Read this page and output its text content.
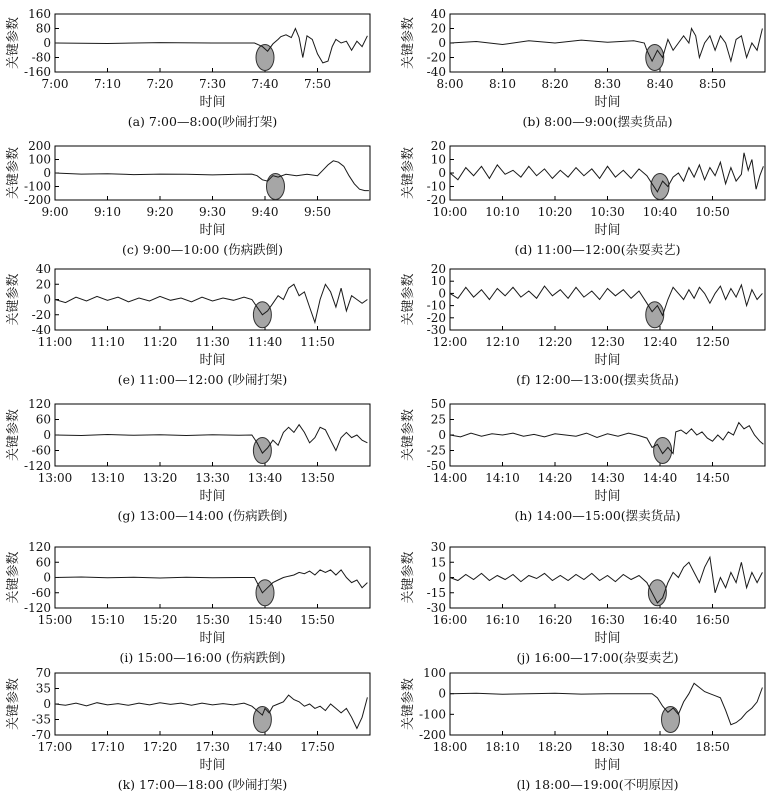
160
80
0
-80
-160
7:00 7:10 7:20 7:30 7:40 7:50
关键参数
时间
(a) 7:00—8:00(吵闹打架)
40
20
0
-20
-40
8:00 8:10 8:20 8:30 8:40 8:50
关键参数
时间
(b) 8:00—9:00(摆卖货品)
200
100
0
-100
-200
9:00 9:10 9:20 9:30 9:40 9:50
关键参数
时间
(c) 9:00—10:00 (伤病跌倒)
20
10
0
-10
-20
10:00 10:10 10:20 10:30 10:40 10:50
关键参数
时间
(d) 11:00—12:00(杂耍卖艺)
40
20
0
-20
-40
11:00 11:10 11:20 11:30 11:40 11:50
关键参数
时间
(e) 11:00—12:00 (吵闹打架)
20
10
0
-10
-20
-30
12:00 12:10 12:20 12:30 12:40 12:50
关键参数
时间
(f) 12:00—13:00(摆卖货品)
120
60
0
-60
-120
13:00 13:10 13:20 13:30 13:40 13:50
关键参数
时间
(g) 13:00—14:00 (伤病跌倒)
50
25
0
-25
-50
14:00 14:10 14:20 14:30 14:40 14:50
关键参数
时间
(h) 14:00—15:00(摆卖货品)
120
60
0
-60
-120
15:00 15:10 15:20 15:30 15:40 15:50
关键参数
时间
(i) 15:00—16:00 (伤病跌倒)
30
15
0
-15
-30
16:00 16:10 16:20 16:30 16:40 16:50
关键参数
时间
(j) 16:00—17:00(杂耍卖艺)
70
35
0
-35
-70
17:00 17:10 17:20 17:30 17:40 17:50
关键参数
时间
(k) 17:00—18:00 (吵闹打架)
100
0
-100
-200
18:00 18:10 18:20 18:30 18:40 18:50
关键参数
时间
(l) 18:00—19:00(不明原因)
